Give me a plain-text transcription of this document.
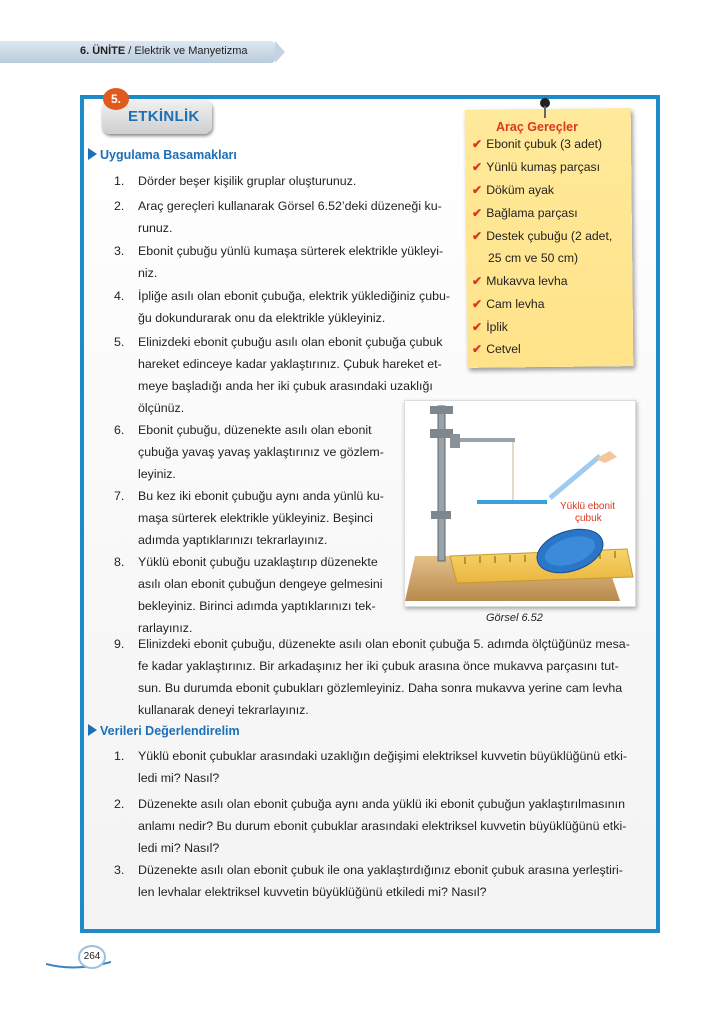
6. ÜNİTE / Elektrik ve Manyetizma
5.
ETKİNLİK
Uygulama Basamakları
1. Dörder beşer kişilik gruplar oluşturunuz.
2. Araç gereçleri kullanarak Görsel 6.52’deki düzeneği ku-
runuz.
3. Ebonit çubuğu yünlü kumaşa sürterek elektrikle yükleyi-
niz.
4. İpliğe asılı olan ebonit çubuğa, elektrik yüklediğiniz çubu-
ğu dokundurarak onu da elektrikle yükleyiniz.
5. Elinizdeki ebonit çubuğu asılı olan ebonit çubuğa çubuk
hareket edinceye kadar yaklaştırınız. Çubuk hareket et-
meye başladığı anda her iki çubuk arasındaki uzaklığı
ölçünüz.
6. Ebonit çubuğu, düzenekte asılı olan ebonit
çubuğa yavaş yavaş yaklaştırınız ve gözlem-
leyiniz.
7. Bu kez iki ebonit çubuğu aynı anda yünlü ku-
maşa sürterek elektrikle yükleyiniz. Beşinci
adımda yaptıklarınızı tekrarlayınız.
8. Yüklü ebonit çubuğu uzaklaştırıp düzenekte
asılı olan ebonit çubuğun dengeye gelmesini
bekleyiniz. Birinci adımda yaptıklarınızı tek-
rarlayınız.
9. Elinizdeki ebonit çubuğu, düzenekte asılı olan ebonit çubuğa 5. adımda ölçtüğünüz mesa-
fe kadar yaklaştırınız. Bir arkadaşınız her iki çubuk arasına önce mukavva parçasını tut-
sun. Bu durumda ebonit çubukları gözlemleyiniz. Daha sonra mukavva yerine cam levha
kullanarak deneyi tekrarlayınız.
Verileri Değerlendirelim
1. Yüklü ebonit çubuklar arasındaki uzaklığın değişimi elektriksel kuvvetin büyüklüğünü etki-
ledi mi? Nasıl?
2. Düzenekte asılı olan ebonit çubuğa aynı anda yüklü iki ebonit çubuğun yaklaştırılmasının
anlamı nedir? Bu durum ebonit çubuklar arasındaki elektriksel kuvvetin büyüklüğünü etki-
ledi mi? Nasıl?
3. Düzenekte asılı olan ebonit çubuk ile ona yaklaştırdığınız ebonit çubuk arasına yerleştiri-
len levhalar elektriksel kuvvetin büyüklüğünü etkiledi mi? Nasıl?
Araç Gereçler
✔ Ebonit çubuk (3 adet)
✔ Yünlü kumaş parçası
✔ Döküm ayak
✔ Bağlama parçası
✔ Destek çubuğu (2 adet,
25 cm ve 50 cm)
✔ Mukavva levha
✔ Cam levha
✔ İplik
✔ Cetvel
Yüklü ebonit
çubuk
Görsel 6.52
264
